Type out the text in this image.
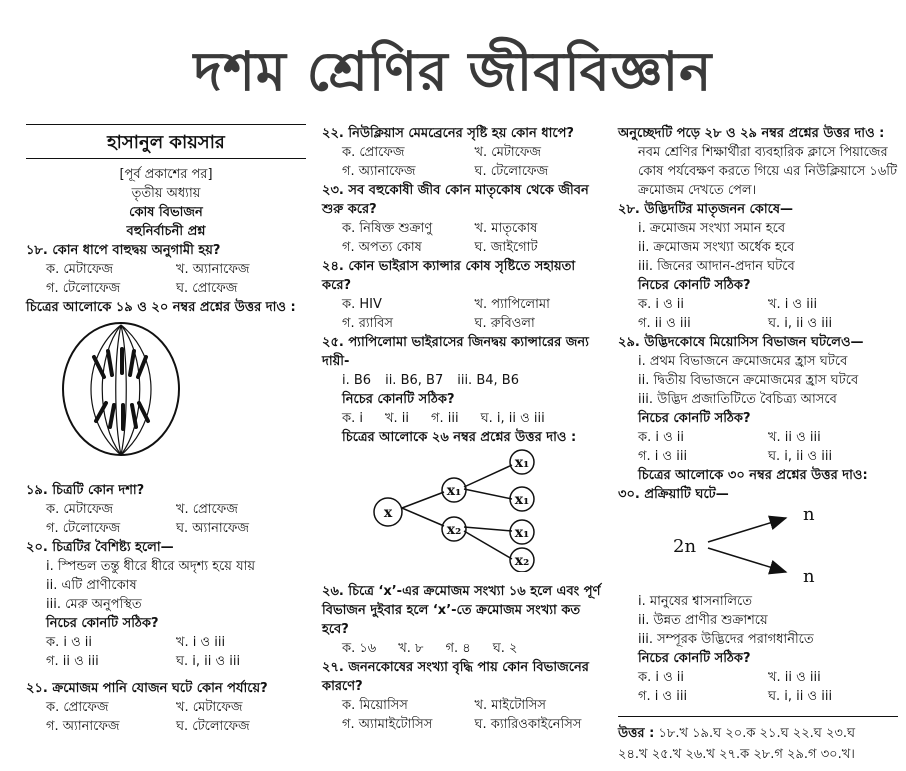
দশম শ্রেণির জীববিজ্ঞান
হাসানুল কায়সার
[পূর্ব প্রকাশের পর]
তৃতীয় অধ্যায়
কোষ বিভাজন
বহুনির্বাচনী প্রশ্ন
১৮. কোন ধাপে বাহুদ্বয় অনুগামী হয়?
ক. মেটাফেজ	খ. অ্যানাফেজ
গ. টেলোফেজ	ঘ. প্রোফেজ
চিত্রের আলোকে ১৯ ও ২০ নম্বর প্রশ্নের উত্তর দাও :
১৯. চিত্রটি কোন দশা?
ক. মেটাফেজ	খ. প্রোফেজ
গ. টেলোফেজ	ঘ. অ্যানাফেজ
২০. চিত্রটির বৈশিষ্ট্য হলো—
i. স্পিন্ডল তন্তু ধীরে ধীরে অদৃশ্য হয়ে যায়
ii. এটি প্রাণীকোষ
iii. মেরু অনুপস্থিত
নিচের কোনটি সঠিক?
ক. i ও ii	খ. i ও iii
গ. ii ও iii	ঘ. i, ii ও iii
২১. ক্রমোজম পানি যোজন ঘটে কোন পর্যায়ে?
ক. প্রোফেজ	খ. মেটাফেজ
গ. অ্যানাফেজ	ঘ. টেলোফেজ
২২. নিউক্লিয়াস মেমব্রেনের সৃষ্টি হয় কোন ধাপে?
ক. প্রোফেজ	খ. মেটাফেজ
গ. অ্যানাফেজ	ঘ. টেলোফেজ
২৩. সব বহুকোষী জীব কোন মাতৃকোষ থেকে জীবন শুরু করে?
ক. নিষিক্ত শুক্রাণু	খ. মাতৃকোষ
গ. অপত্য কোষ	ঘ. জাইগোট
২৪. কোন ভাইরাস ক্যান্সার কোষ সৃষ্টিতে সহায়তা করে?
ক. HIV	খ. প্যাপিলোমা
গ. র‍্যাবিস	ঘ. রুবিওলা
২৫. প্যাপিলোমা ভাইরাসের জিনদ্বয় ক্যান্সারের জন্য দায়ী-
i. B6 ii. B6, B7 iii. B4, B6
নিচের কোনটি সঠিক?
ক. i খ. ii গ. iii ঘ. i, ii ও iii
চিত্রের আলোকে ২৬ নম্বর প্রশ্নের উত্তর দাও :
x
x₁
x₂
x₁
x₁
x₁
x₂
২৬. চিত্রে ‘x’-এর ক্রমোজম সংখ্যা ১৬ হলে এবং পূর্ণ বিভাজন দুইবার হলে ‘x’-তে ক্রমোজম সংখ্যা কত হবে?
ক. ১৬ খ. ৮ গ. ৪ ঘ. ২
২৭. জননকোষের সংখ্যা বৃদ্ধি পায় কোন বিভাজনের কারণে?
ক. মিয়োসিস	খ. মাইটোসিস
গ. অ্যামাইটোসিস	ঘ. ক্যারিওকাইনেসিস
অনুচ্ছেদটি পড়ে ২৮ ও ২৯ নম্বর প্রশ্নের উত্তর দাও :
নবম শ্রেণির শিক্ষার্থীরা ব্যবহারিক ক্লাসে পিয়াজের কোষ পর্যবেক্ষণ করতে গিয়ে এর নিউক্লিয়াসে ১৬টি ক্রমোজম দেখতে পেল।
২৮. উদ্ভিদটির মাতৃজনন কোষে—
i. ক্রমোজম সংখ্যা সমান হবে
ii. ক্রমোজম সংখ্যা অর্ধেক হবে
iii. জিনের আদান-প্রদান ঘটবে
নিচের কোনটি সঠিক?
ক. i ও ii	খ. i ও iii
গ. ii ও iii	ঘ. i, ii ও iii
২৯. উদ্ভিদকোষে মিয়োসিস বিভাজন ঘটলেও—
i. প্রথম বিভাজনে ক্রমোজমের হ্রাস ঘটবে
ii. দ্বিতীয় বিভাজনে ক্রমোজমের হ্রাস ঘটবে
iii. উদ্ভিদ প্রজাতিটিতে বৈচিত্র্য আসবে
নিচের কোনটি সঠিক?
ক. i ও ii	খ. ii ও iii
গ. i ও iii	ঘ. i, ii ও iii
চিত্রের আলোকে ৩০ নম্বর প্রশ্নের উত্তর দাও:
৩০. প্রক্রিয়াটি ঘটে—
2n
n
n
i. মানুষের শ্বাসনালিতে
ii. উন্নত প্রাণীর শুক্রাশয়ে
iii. সম্পূরক উদ্ভিদের পরাগধানীতে
নিচের কোনটি সঠিক?
ক. i ও ii	খ. ii ও iii
গ. i ও iii	ঘ. i, ii ও iii
উত্তর : ১৮.খ ১৯.ঘ ২০.ক ২১.ঘ ২২.ঘ ২৩.ঘ
২৪.খ ২৫.খ ২৬.খ ২৭.ক ২৮.গ ২৯.গ ৩০.খ।
